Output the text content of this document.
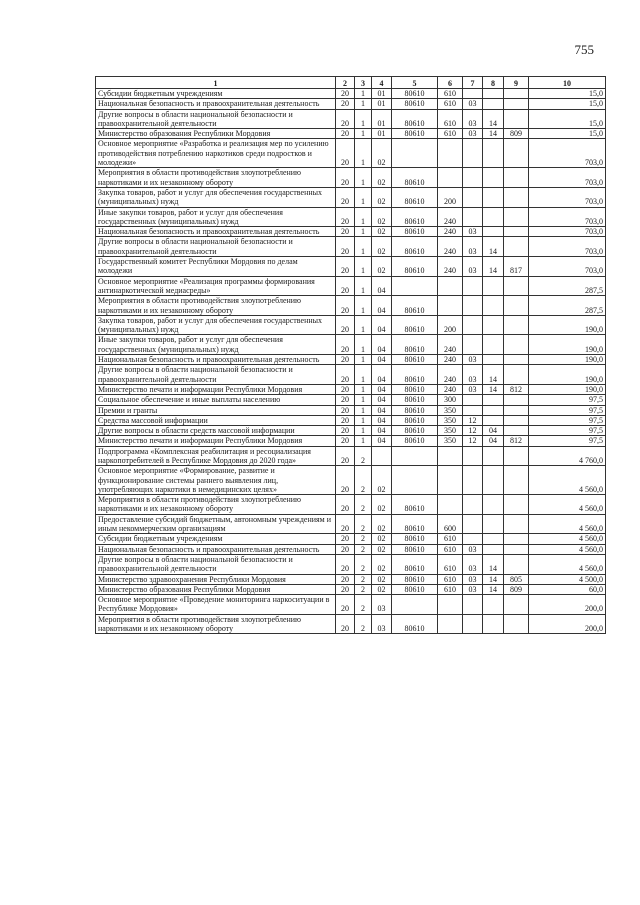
755
1	2	3	4	5	6	7	8	9	10
Субсидии бюджетным учреждениям	20	1	01	80610	610				15,0
Национальная безопасность и правоохранительная деятельность	20	1	01	80610	610	03			15,0
Другие вопросы в области национальной безопасности и правоохранительной деятельности	20	1	01	80610	610	03	14		15,0
Министерство образования Республики Мордовия	20	1	01	80610	610	03	14	809	15,0
Основное мероприятие «Разработка и реализация мер по усилению противодействия потреблению наркотиков среди подростков и молодежи»	20	1	02						703,0
Мероприятия в области противодействия злоупотреблению наркотиками и их незаконному обороту	20	1	02	80610					703,0
Закупка товаров, работ и услуг для обеспечения государственных (муниципальных) нужд	20	1	02	80610	200				703,0
Иные закупки товаров, работ и услуг для обеспечения государственных (муниципальных) нужд	20	1	02	80610	240				703,0
Национальная безопасность и правоохранительная деятельность	20	1	02	80610	240	03			703,0
Другие вопросы в области национальной безопасности и правоохранительной деятельности	20	1	02	80610	240	03	14		703,0
Государственный комитет Республики Мордовия по делам молодежи	20	1	02	80610	240	03	14	817	703,0
Основное мероприятие «Реализация программы формирования антинаркотической медиасреды»	20	1	04						287,5
Мероприятия в области противодействия злоупотреблению наркотиками и их незаконному обороту	20	1	04	80610					287,5
Закупка товаров, работ и услуг для обеспечения государственных (муниципальных) нужд	20	1	04	80610	200				190,0
Иные закупки товаров, работ и услуг для обеспечения государственных (муниципальных) нужд	20	1	04	80610	240				190,0
Национальная безопасность и правоохранительная деятельность	20	1	04	80610	240	03			190,0
Другие вопросы в области национальной безопасности и правоохранительной деятельности	20	1	04	80610	240	03	14		190,0
Министерство печати и информации Республики Мордовия	20	1	04	80610	240	03	14	812	190,0
Социальное обеспечение и иные выплаты населению	20	1	04	80610	300				97,5
Премии и гранты	20	1	04	80610	350				97,5
Средства массовой информации	20	1	04	80610	350	12			97,5
Другие вопросы в области средств массовой информации	20	1	04	80610	350	12	04		97,5
Министерство печати и информации Республики Мордовия	20	1	04	80610	350	12	04	812	97,5
Подпрограмма «Комплексная реабилитация и ресоциализация наркопотребителей в Республике Мордовия до 2020 года»	20	2							4 760,0
Основное мероприятие «Формирование, развитие и функционирование системы раннего выявления лиц, употребляющих наркотики в немедицинских целях»	20	2	02						4 560,0
Мероприятия в области противодействия злоупотреблению наркотиками и их незаконному обороту	20	2	02	80610					4 560,0
Предоставление субсидий бюджетным, автономным учреждениям и иным некоммерческим организациям	20	2	02	80610	600				4 560,0
Субсидии бюджетным учреждениям	20	2	02	80610	610				4 560,0
Национальная безопасность и правоохранительная деятельность	20	2	02	80610	610	03			4 560,0
Другие вопросы в области национальной безопасности и правоохранительной деятельности	20	2	02	80610	610	03	14		4 560,0
Министерство здравоохранения Республики Мордовия	20	2	02	80610	610	03	14	805	4 500,0
Министерство образования Республики Мордовия	20	2	02	80610	610	03	14	809	60,0
Основное мероприятие «Проведение мониторинга наркоситуации в Республике Мордовия»	20	2	03						200,0
Мероприятия в области противодействия злоупотреблению наркотиками и их незаконному обороту	20	2	03	80610					200,0
